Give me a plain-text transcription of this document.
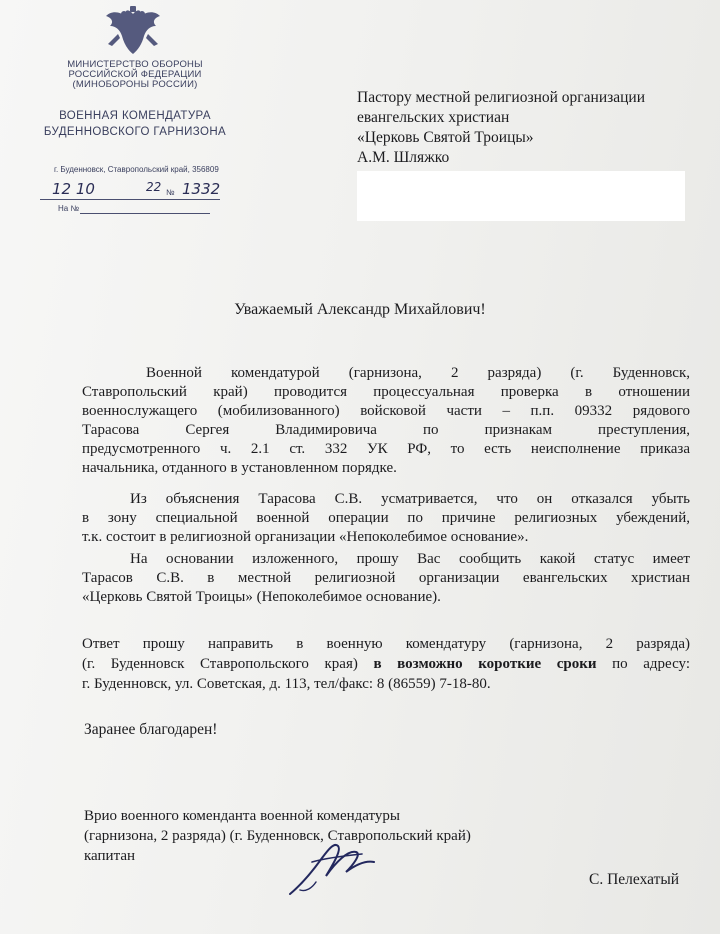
МИНИСТЕРСТВО ОБОРОНЫ
РОССИЙСКОЙ ФЕДЕРАЦИИ
(МИНОБОРОНЫ РОССИИ)
ВОЕННАЯ КОМЕНДАТУРА
БУДЕННОВСКОГО ГАРНИЗОНА
г. Буденновск, Ставропольский край, 356809
12 10	22 № 1332
На №
Пастору местной религиозной организации
евангельских христиан
«Церковь Святой Троицы»
А.М. Шляжко
Уважаемый Александр Михайлович!
Военной комендатурой (гарнизона, 2 разряда) (г. Буденновск,
Ставропольский край) проводится процессуальная проверка в отношении
военнослужащего (мобилизованного) войсковой части – п.п. 09332 рядового
Тарасова Сергея Владимировича по признакам преступления,
предусмотренного ч. 2.1 ст. 332 УК РФ, то есть неисполнение приказа
начальника, отданного в установленном порядке.
Из объяснения Тарасова С.В. усматривается, что он отказался убыть
в зону специальной военной операции по причине религиозных убеждений,
т.к. состоит в религиозной организации «Непоколебимое основание».
На основании изложенного, прошу Вас сообщить какой статус имеет
Тарасов С.В. в местной религиозной организации евангельских христиан
«Церковь Святой Троицы» (Непоколебимое основание).
Ответ прошу направить в военную комендатуру (гарнизона, 2 разряда)
(г. Буденновск Ставропольского края) в возможно короткие сроки по адресу:
г. Буденновск, ул. Советская, д. 113, тел/факс: 8 (86559) 7-18-80.
Заранее благодарен!
Врио военного коменданта военной комендатуры
(гарнизона, 2 разряда) (г. Буденновск, Ставропольский край)
капитан
С. Пелехатый
